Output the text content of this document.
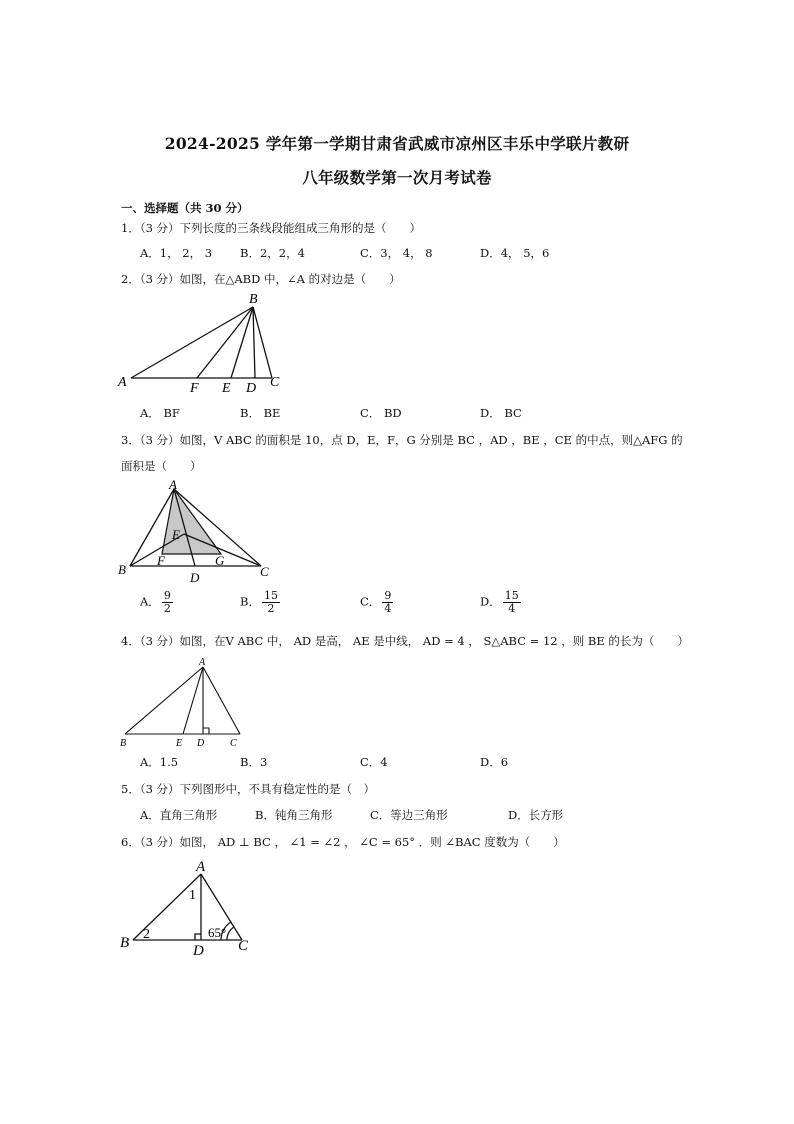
2024-2025 学年第一学期甘肃省武威市凉州区丰乐中学联片教研
八年级数学第一次月考试卷
一、选择题（共 30 分）
1．（3 分）下列长度的三条线段能组成三角形的是（　　）
A．1， 2， 3 B．2，2，4	C．3， 4， 8	D．4， 5，6
2．（3 分）如图，在△ABD 中，∠A 的对边是（　　）
A
B
F E D C
A． BF	B． BE	C． BD	D． BC
3．（3 分）如图，V ABC 的面积是 10，点 D，E，F，G 分别是 BC ，AD ，BE ，CE 的中点，则△AFG 的
面积是（　　）
A
E
F	G
B
D	C
A． $\frac{9}{2}$	B． $\frac{15}{2}$	C． $\frac{9}{4}$	D． $\frac{15}{4}$
4．（3 分）如图，在V ABC 中， AD 是高， AE 是中线， AD = 4 ， S△ABC = 12 ，则 BE 的长为（　　）
A
B	E D	C
A．1.5	B．3	C．4	D．6
5．（3 分）下列图形中，不具有稳定性的是（　）
A．直角三角形	B．钝角三角形	C．等边三角形	D．长方形
6．（3 分）如图， AD ⊥ BC ， ∠1 = ∠2 ， ∠C = 65° ．则 ∠BAC 度数为（　　）
A
1
2	65°
B	D C
